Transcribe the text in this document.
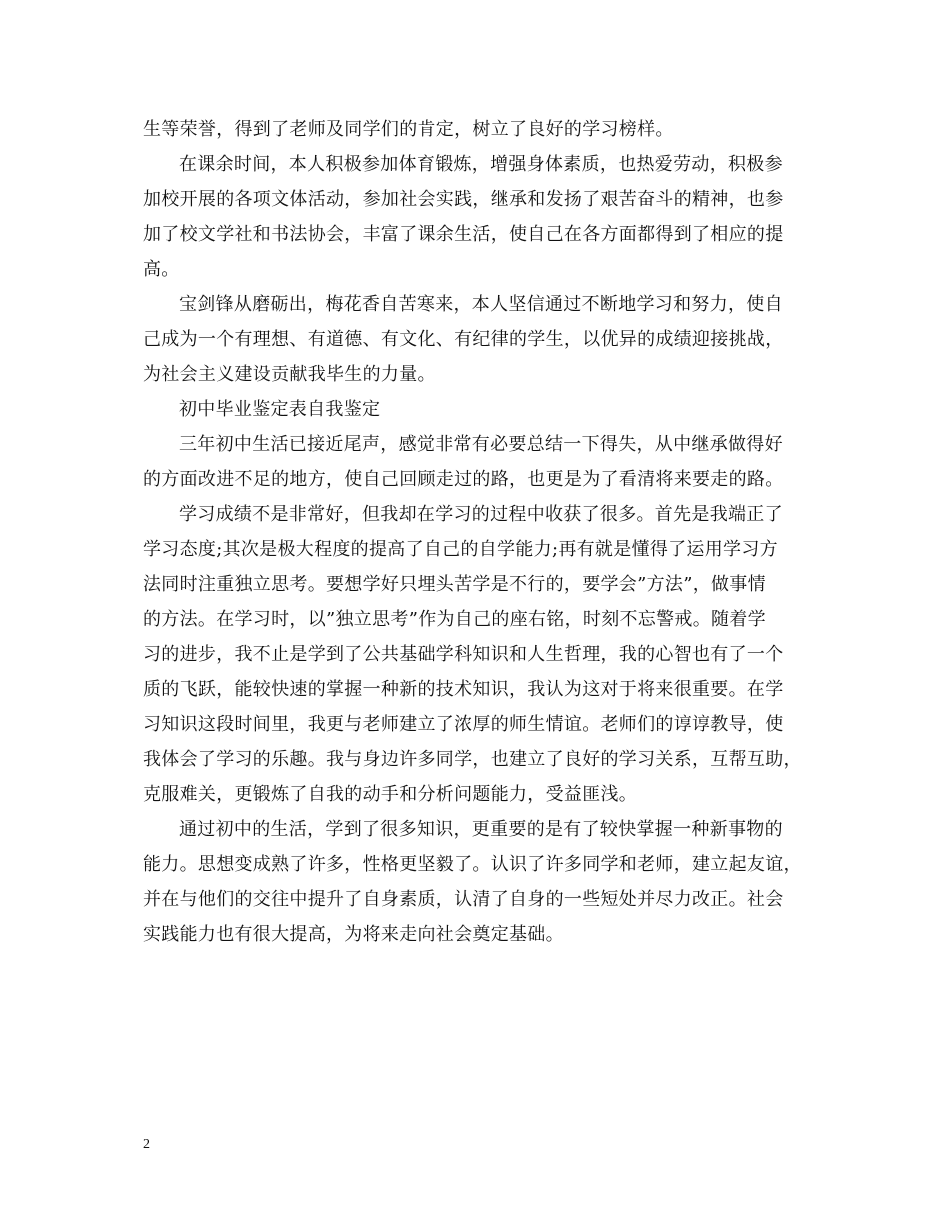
生等荣誉，得到了老师及同学们的肯定，树立了良好的学习榜样。
在课余时间，本人积极参加体育锻炼，增强身体素质，也热爱劳动，积极参
加校开展的各项文体活动，参加社会实践，继承和发扬了艰苦奋斗的精神，也参
加了校文学社和书法协会，丰富了课余生活，使自己在各方面都得到了相应的提
高。
宝剑锋从磨砺出，梅花香自苦寒来，本人坚信通过不断地学习和努力，使自
己成为一个有理想、有道德、有文化、有纪律的学生，以优异的成绩迎接挑战，
为社会主义建设贡献我毕生的力量。
初中毕业鉴定表自我鉴定
三年初中生活已接近尾声，感觉非常有必要总结一下得失，从中继承做得好
的方面改进不足的地方，使自己回顾走过的路，也更是为了看清将来要走的路。
学习成绩不是非常好，但我却在学习的过程中收获了很多。首先是我端正了
学习态度;其次是极大程度的提高了自己的自学能力;再有就是懂得了运用学习方
法同时注重独立思考。要想学好只埋头苦学是不行的，要学会”方法”，做事情
的方法。在学习时，以”独立思考”作为自己的座右铭，时刻不忘警戒。随着学
习的进步，我不止是学到了公共基础学科知识和人生哲理，我的心智也有了一个
质的飞跃，能较快速的掌握一种新的技术知识，我认为这对于将来很重要。在学
习知识这段时间里，我更与老师建立了浓厚的师生情谊。老师们的谆谆教导，使
我体会了学习的乐趣。我与身边许多同学，也建立了良好的学习关系，互帮互助，
克服难关，更锻炼了自我的动手和分析问题能力，受益匪浅。
通过初中的生活，学到了很多知识，更重要的是有了较快掌握一种新事物的
能力。思想变成熟了许多，性格更坚毅了。认识了许多同学和老师，建立起友谊，
并在与他们的交往中提升了自身素质，认清了自身的一些短处并尽力改正。社会
实践能力也有很大提高，为将来走向社会奠定基础。
2
